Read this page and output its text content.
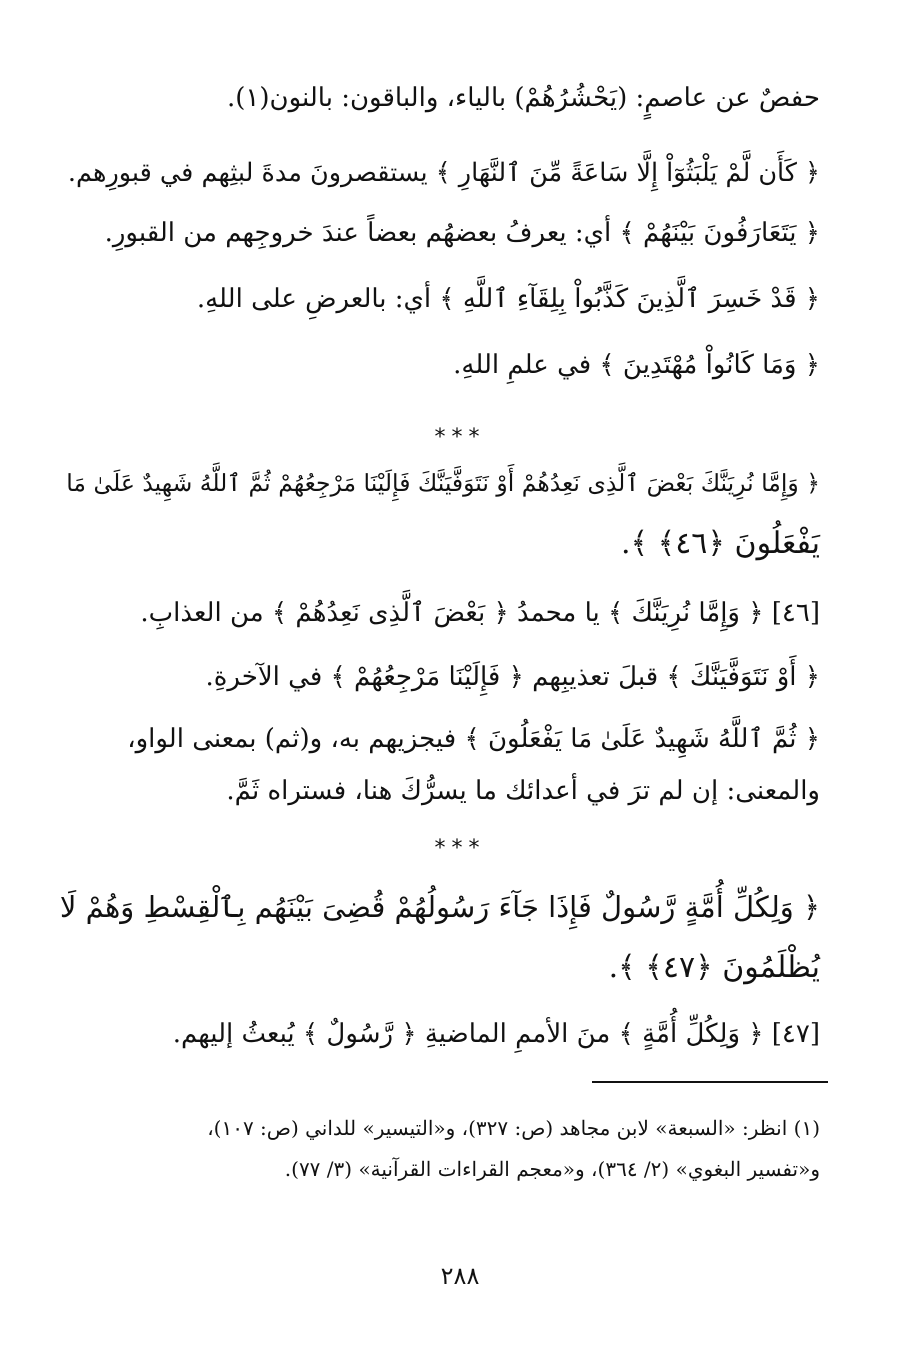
حفصٌ عن عاصمٍ: (يَحْشُرُهُمْ) بالياء، والباقون: بالنون(١).
﴿ كَأَن لَّمْ يَلْبَثُوٓاْ إِلَّا سَاعَةً مِّنَ ٱلنَّهَارِ ﴾ يستقصرونَ مدةَ لبثِهم في قبورِهم.
﴿ يَتَعَارَفُونَ بَيْنَهُمْ ﴾ أي: يعرفُ بعضهُم بعضاً عندَ خروجِهم من القبورِ.
﴿ قَدْ خَسِرَ ٱلَّذِينَ كَذَّبُواْ بِلِقَآءِ ٱللَّهِ ﴾ أي: بالعرضِ على اللهِ.
﴿ وَمَا كَانُواْ مُهْتَدِينَ ﴾ في علمِ اللهِ.
***
﴿ وَإِمَّا نُرِيَنَّكَ بَعْضَ ٱلَّذِى نَعِدُهُمْ أَوْ نَتَوَفَّيَنَّكَ فَإِلَيْنَا مَرْجِعُهُمْ ثُمَّ ٱللَّهُ شَهِيدٌ عَلَىٰ مَا
يَفْعَلُونَ ﴿٤٦﴾ ﴾.
[٤٦] ﴿ وَإِمَّا نُرِيَنَّكَ ﴾ يا محمدُ ﴿ بَعْضَ ٱلَّذِى نَعِدُهُمْ ﴾ من العذابِ.
﴿ أَوْ نَتَوَفَّيَنَّكَ ﴾ قبلَ تعذيبِهم ﴿ فَإِلَيْنَا مَرْجِعُهُمْ ﴾ في الآخرةِ.
﴿ ثُمَّ ٱللَّهُ شَهِيدٌ عَلَىٰ مَا يَفْعَلُونَ ﴾ فيجزيهم به، و(ثم) بمعنى الواو،
والمعنى: إن لم ترَ في أعدائك ما يسرُّكَ هنا، فستراه ثَمَّ.
***
﴿ وَلِكُلِّ أُمَّةٍ رَّسُولٌ فَإِذَا جَآءَ رَسُولُهُمْ قُضِىَ بَيْنَهُم بِٱلْقِسْطِ وَهُمْ لَا
يُظْلَمُونَ ﴿٤٧﴾ ﴾.
[٤٧] ﴿ وَلِكُلِّ أُمَّةٍ ﴾ منَ الأممِ الماضيةِ ﴿ رَّسُولٌ ﴾ يُبعثُ إليهم.
(١) انظر: «السبعة» لابن مجاهد (ص: ٣٢٧)، و«التيسير» للداني (ص: ١٠٧)،
و«تفسير البغوي» (٢/ ٣٦٤)، و«معجم القراءات القرآنية» (٣/ ٧٧).
٢٨٨
